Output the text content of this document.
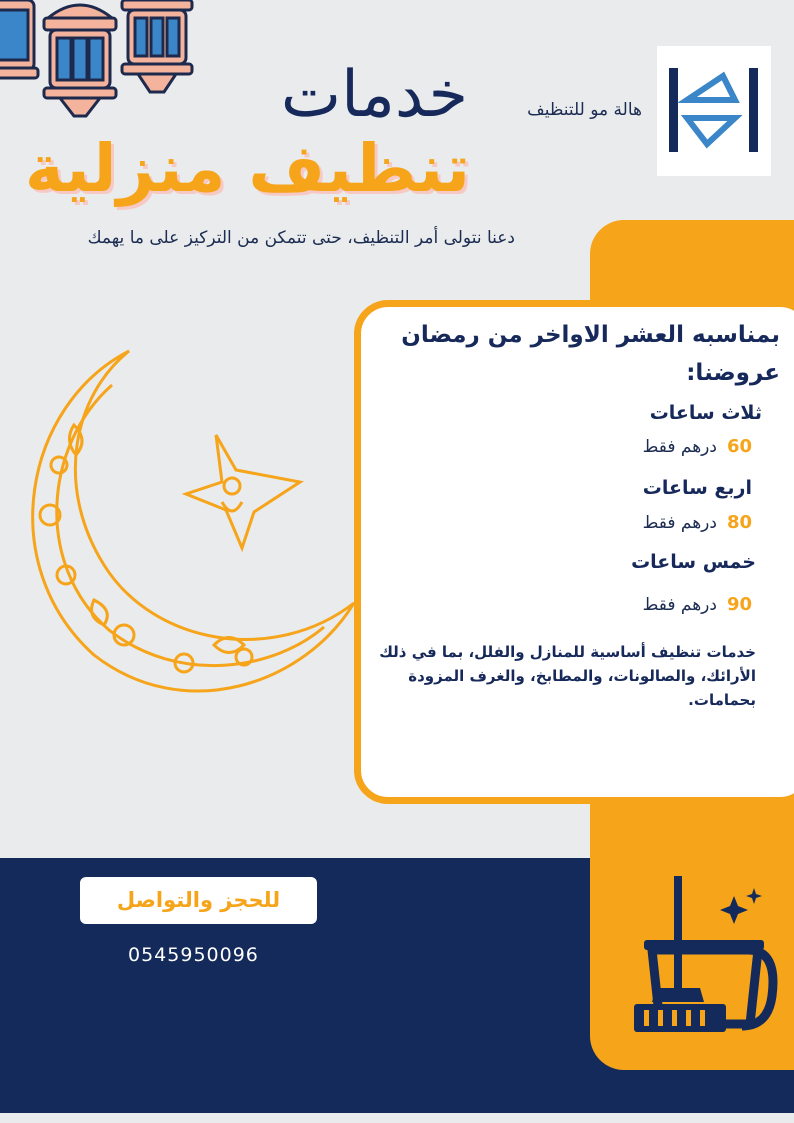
هالة مو للتنظيف
خدمات
تنظيف منزلية
دعنا نتولى أمر التنظيف، حتى تتمكن من التركيز على ما يهمك
بمناسبه العشر الاواخر من رمضان
عروضنا:
ثلاث ساعات
60درهم فقط
اربع ساعات
80درهم فقط
خمس ساعات
90درهم فقط
خدمات تنظيف أساسية للمنازل والفلل، بما في ذلك الأرائك، والصالونات، والمطابخ، والغرف المزودة بحمامات.
للحجز والتواصل
0545950096
